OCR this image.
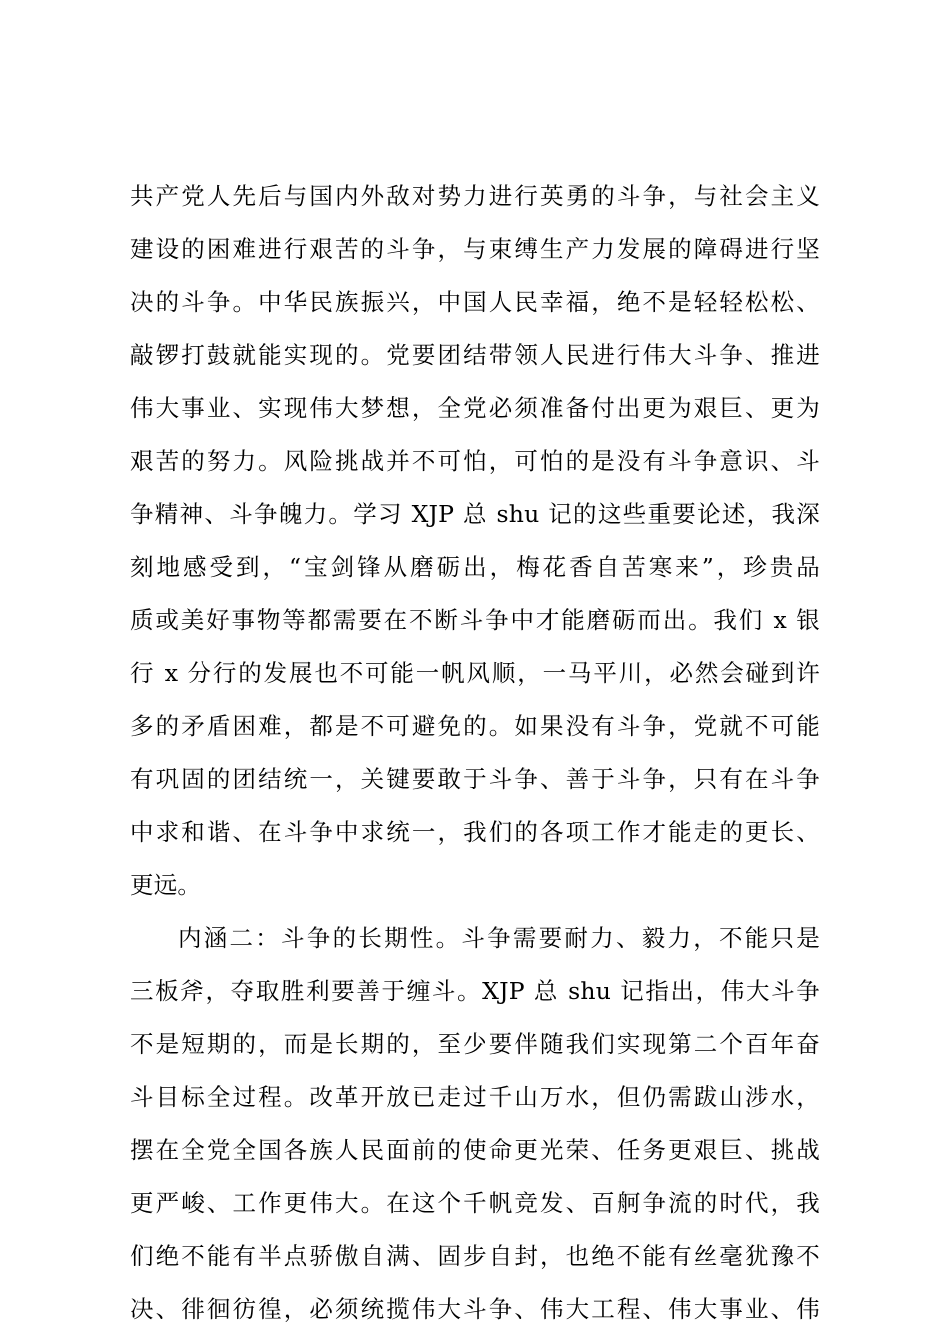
共产党人先后与国内外敌对势力进行英勇的斗争，与社会主义
建设的困难进行艰苦的斗争，与束缚生产力发展的障碍进行坚
决的斗争。中华民族振兴，中国人民幸福，绝不是轻轻松松、
敲锣打鼓就能实现的。党要团结带领人民进行伟大斗争、推进
伟大事业、实现伟大梦想，全党必须准备付出更为艰巨、更为
艰苦的努力。风险挑战并不可怕，可怕的是没有斗争意识、斗
争精神、斗争魄力。学习 XJP 总 shu 记的这些重要论述，我深
刻地感受到，“宝剑锋从磨砺出，梅花香自苦寒来”，珍贵品
质或美好事物等都需要在不断斗争中才能磨砺而出。我们 x 银
行 x 分行的发展也不可能一帆风顺，一马平川，必然会碰到许
多的矛盾困难，都是不可避免的。如果没有斗争，党就不可能
有巩固的团结统一，关键要敢于斗争、善于斗争，只有在斗争
中求和谐、在斗争中求统一，我们的各项工作才能走的更长、
更远。
内涵二：斗争的长期性。斗争需要耐力、毅力，不能只是
三板斧，夺取胜利要善于缠斗。XJP 总 shu 记指出，伟大斗争
不是短期的，而是长期的，至少要伴随我们实现第二个百年奋
斗目标全过程。改革开放已走过千山万水，但仍需跋山涉水，
摆在全党全国各族人民面前的使命更光荣、任务更艰巨、挑战
更严峻、工作更伟大。在这个千帆竞发、百舸争流的时代，我
们绝不能有半点骄傲自满、固步自封，也绝不能有丝毫犹豫不
决、徘徊彷徨，必须统揽伟大斗争、伟大工程、伟大事业、伟
